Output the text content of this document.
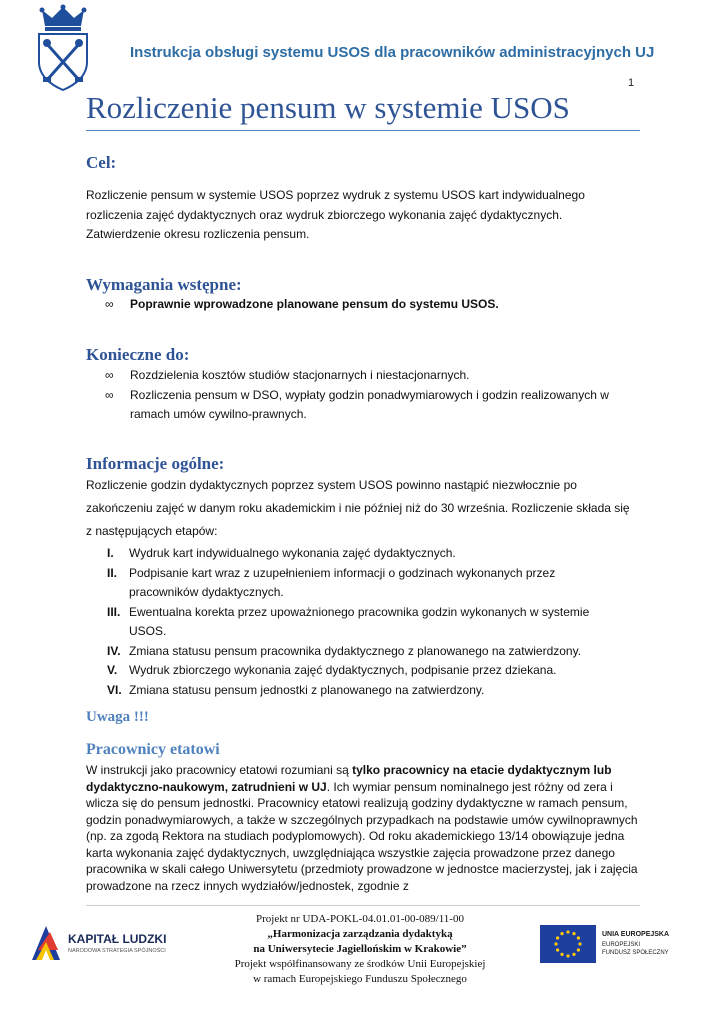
Instrukcja obsługi systemu USOS dla pracowników administracyjnych UJ
1
Rozliczenie pensum w systemie USOS
Cel:
Rozliczenie pensum w systemie USOS poprzez wydruk z systemu USOS kart indywidualnego
rozliczenia zajęć dydaktycznych oraz wydruk zbiorczego wykonania zajęć dydaktycznych.
Zatwierdzenie okresu rozliczenia pensum.
Wymagania wstępne:
∞	Poprawnie wprowadzone planowane pensum do systemu USOS.
Konieczne do:
∞	Rozdzielenia kosztów studiów stacjonarnych i niestacjonarnych.
∞	Rozliczenia pensum w DSO, wypłaty godzin ponadwymiarowych i godzin realizowanych w ramach umów cywilno-prawnych.
Informacje ogólne:
Rozliczenie godzin dydaktycznych poprzez system USOS powinno nastąpić niezwłocznie po
zakończeniu zajęć w danym roku akademickim i nie później niż do 30 września. Rozliczenie składa się
z następujących etapów:
I.	Wydruk kart indywidualnego wykonania zajęć dydaktycznych.
II. Podpisanie kart wraz z uzupełnieniem informacji o godzinach wykonanych przez pracowników dydaktycznych.
III. Ewentualna korekta przez upoważnionego pracownika godzin wykonanych w systemie USOS.
IV. Zmiana statusu pensum pracownika dydaktycznego z planowanego na zatwierdzony.
V. Wydruk zbiorczego wykonania zajęć dydaktycznych, podpisanie przez dziekana.
VI. Zmiana statusu pensum jednostki z planowanego na zatwierdzony.
Uwaga !!!
Pracownicy etatowi
W instrukcji jako pracownicy etatowi rozumiani są tylko pracownicy na etacie dydaktycznym lub dydaktyczno-naukowym, zatrudnieni w UJ. Ich wymiar pensum nominalnego jest różny od zera i wlicza się do pensum jednostki. Pracownicy etatowi realizują godziny dydaktyczne w ramach pensum, godzin ponadwymiarowych, a także w szczególnych przypadkach na podstawie umów cywilnoprawnych (np. za zgodą Rektora na studiach podyplomowych). Od roku akademickiego 13/14 obowiązuje jedna karta wykonania zajęć dydaktycznych, uwzględniająca wszystkie zajęcia prowadzone przez danego pracownika w skali całego Uniwersytetu (przedmioty prowadzone w jednostce macierzystej, jak i zajęcia prowadzone na rzecz innych wydziałów/jednostek, zgodnie z
KAPITAŁ LUDZKI
NARODOWA STRATEGIA SPÓJNOŚCI
Projekt nr UDA-POKL-04.01.01-00-089/11-00
„Harmonizacja zarządzania dydaktyką
na Uniwersytecie Jagiellońskim w Krakowie”
Projekt współfinansowany ze środków Unii Europejskiej
w ramach Europejskiego Funduszu Społecznego
UNIA EUROPEJSKA
EUROPEJSKI
FUNDUSZ SPOŁECZNY
